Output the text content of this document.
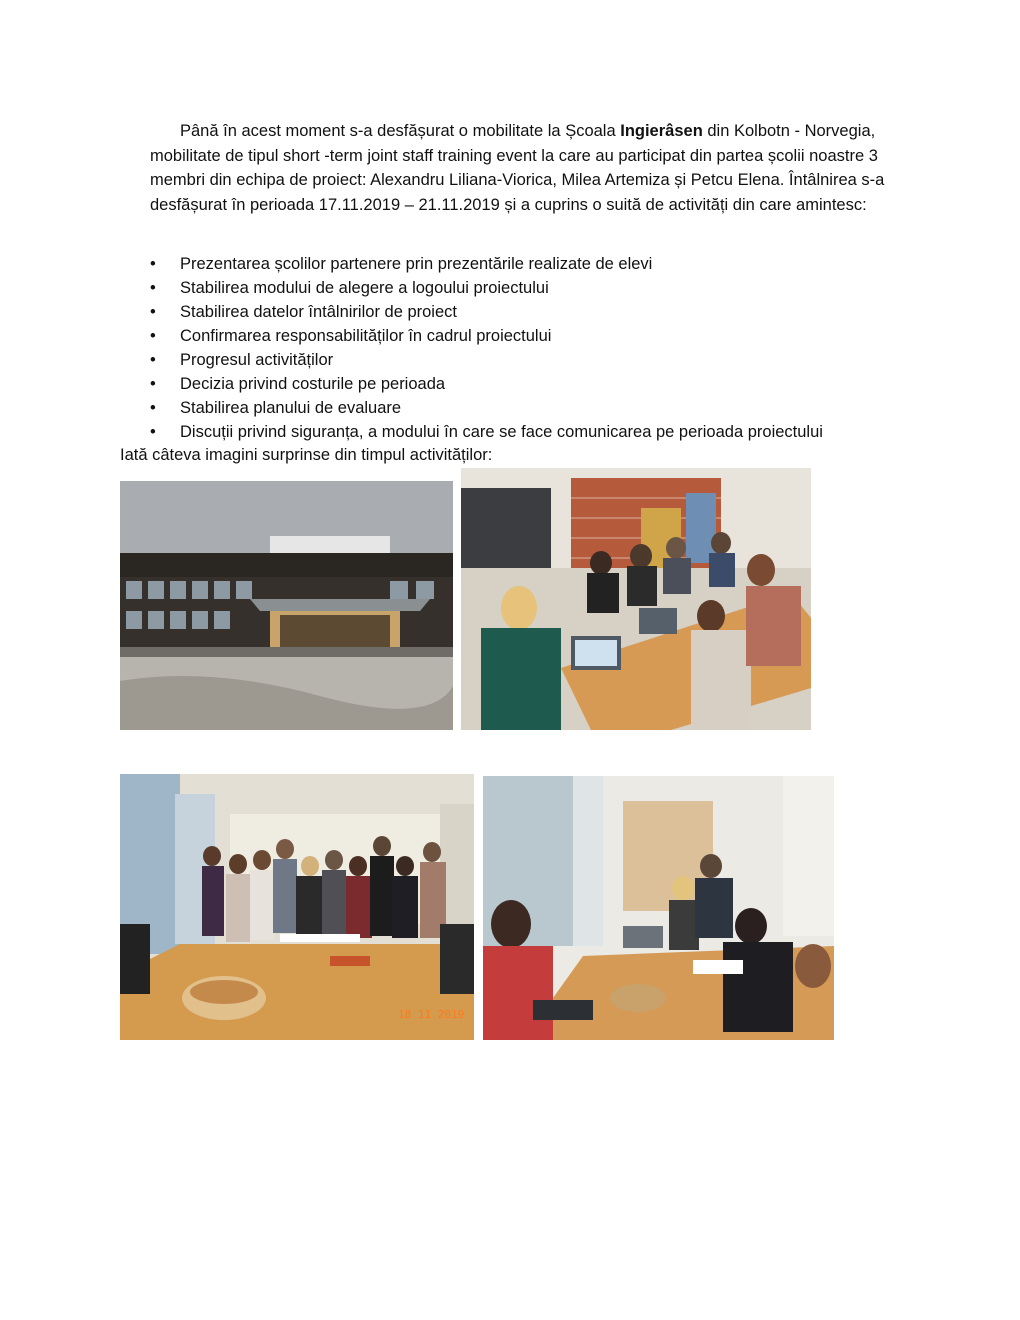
Până în acest moment s-a desfășurat o mobilitate la Școala Ingierâsen din Kolbotn - Norvegia, mobilitate de tipul short -term joint staff training event la care au participat din partea școlii noastre 3 membri din echipa de proiect: Alexandru Liliana-Viorica, Milea Artemiza și Petcu Elena. Întâlnirea s-a desfășurat în perioada 17.11.2019 – 21.11.2019 și a cuprins o suită de activități din care amintesc:

• Prezentarea școlilor partenere prin prezentările realizate de elevi
• Stabilirea modului de alegere a logoului proiectului
• Stabilirea datelor întâlnirilor de proiect
• Confirmarea responsabilităților în cadrul proiectului
• Progresul activităților
• Decizia privind costurile pe perioada
• Stabilirea planului de evaluare
• Discuții privind siguranța, a modului în care se face comunicarea pe perioada proiectului

Iată câteva imagini surprinse din timpul activităților:

18 11 2019
